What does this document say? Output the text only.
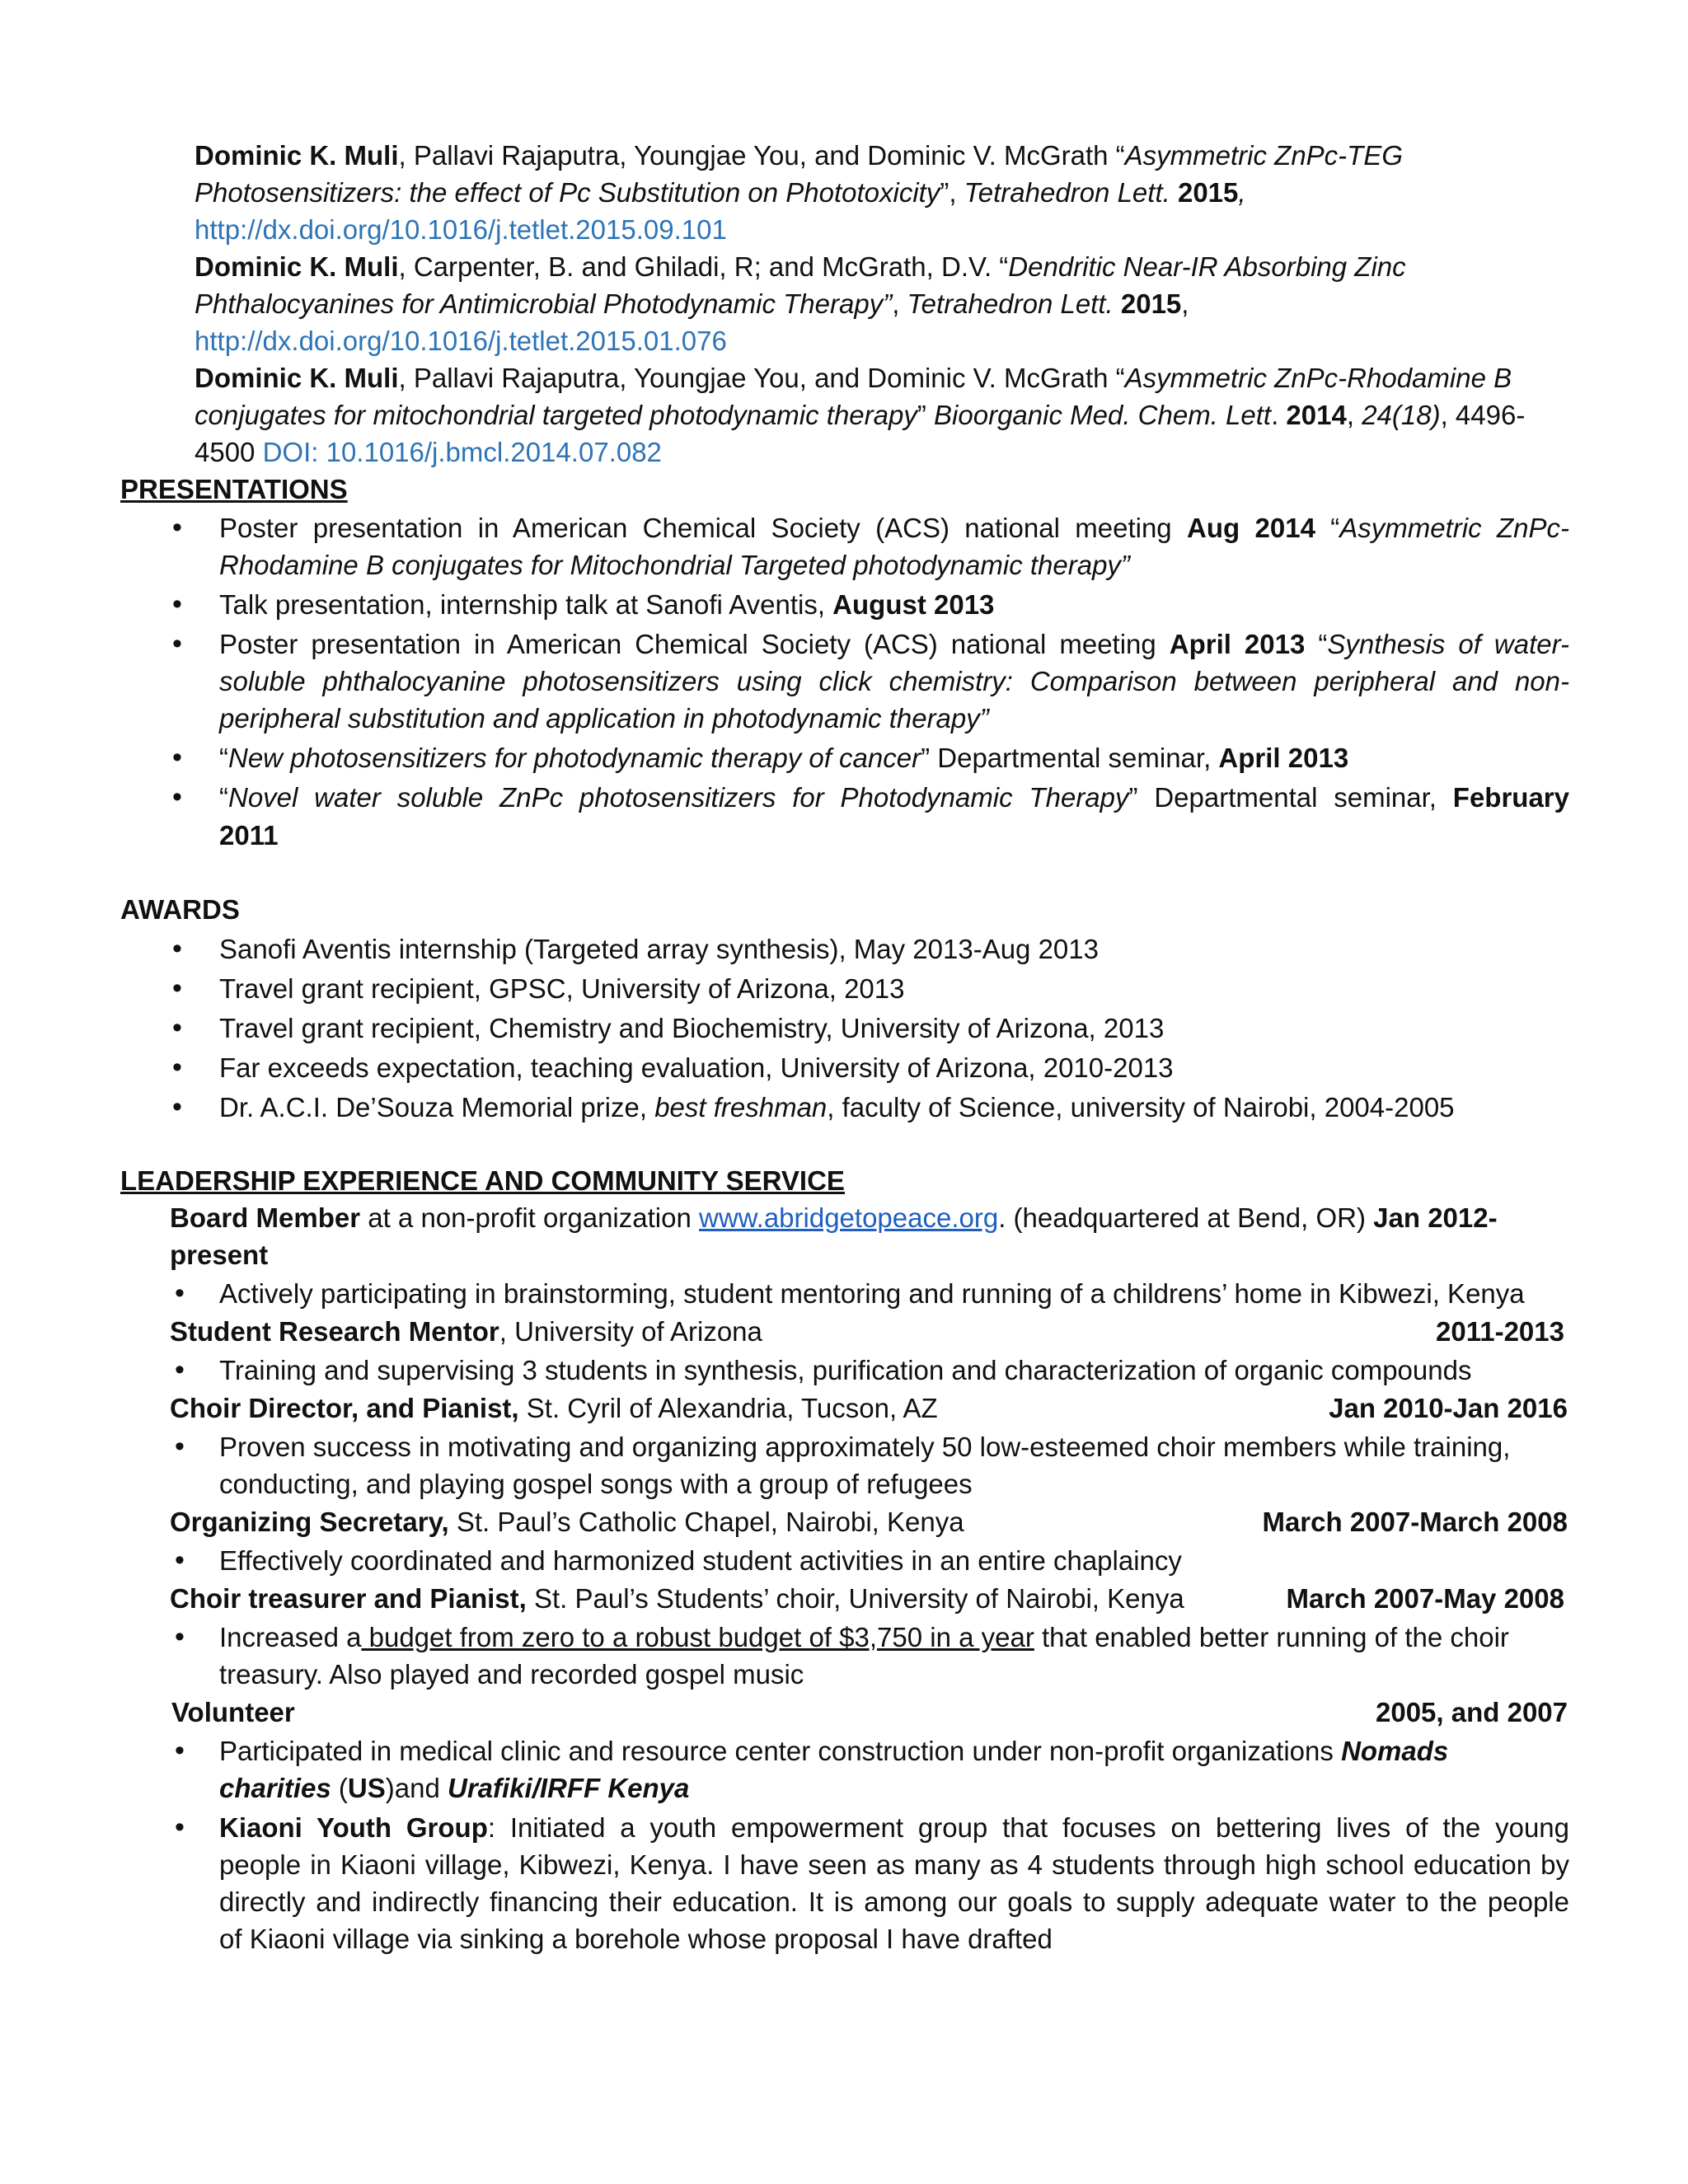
Dominic K. Muli, Pallavi Rajaputra, Youngjae You, and Dominic V. McGrath “Asymmetric ZnPc-TEG
Photosensitizers: the effect of Pc Substitution on Phototoxicity”, Tetrahedron Lett. 2015,
http://dx.doi.org/10.1016/j.tetlet.2015.09.101
Dominic K. Muli, Carpenter, B. and Ghiladi, R; and McGrath, D.V. “Dendritic Near-IR Absorbing Zinc
Phthalocyanines for Antimicrobial Photodynamic Therapy”, Tetrahedron Lett. 2015,
http://dx.doi.org/10.1016/j.tetlet.2015.01.076
Dominic K. Muli, Pallavi Rajaputra, Youngjae You, and Dominic V. McGrath “Asymmetric ZnPc-Rhodamine B
conjugates for mitochondrial targeted photodynamic therapy” Bioorganic Med. Chem. Lett. 2014, 24(18), 4496-
4500 DOI: 10.1016/j.bmcl.2014.07.082
PRESENTATIONS
•
Poster presentation in American Chemical Society (ACS) national meeting Aug 2014 “Asymmetric ZnPc-
Rhodamine B conjugates for Mitochondrial Targeted photodynamic therapy”
•
Talk presentation, internship talk at Sanofi Aventis, August 2013
•
Poster presentation in American Chemical Society (ACS) national meeting April 2013 “Synthesis of water-
soluble phthalocyanine photosensitizers using click chemistry: Comparison between peripheral and non-
peripheral substitution and application in photodynamic therapy”
•
“New photosensitizers for photodynamic therapy of cancer” Departmental seminar, April 2013
•
“Novel water soluble ZnPc photosensitizers for Photodynamic Therapy” Departmental seminar, February
2011
AWARDS
•
Sanofi Aventis internship (Targeted array synthesis), May 2013-Aug 2013
•
Travel grant recipient, GPSC, University of Arizona, 2013
•
Travel grant recipient, Chemistry and Biochemistry, University of Arizona, 2013
•
Far exceeds expectation, teaching evaluation, University of Arizona, 2010-2013
•
Dr. A.C.I. De’Souza Memorial prize, best freshman, faculty of Science, university of Nairobi, 2004-2005
LEADERSHIP EXPERIENCE AND COMMUNITY SERVICE
Board Member at a non-profit organization www.abridgetopeace.org. (headquartered at Bend, OR) Jan 2012-
present
•
Actively participating in brainstorming, student mentoring and running of a childrens’ home in Kibwezi, Kenya
Student Research Mentor, University of Arizona	2011-2013
•
Training and supervising 3 students in synthesis, purification and characterization of organic compounds
Choir Director, and Pianist, St. Cyril of Alexandria, Tucson, AZ	Jan 2010-Jan 2016
•
Proven success in motivating and organizing approximately 50 low-esteemed choir members while training,
conducting, and playing gospel songs with a group of refugees
Organizing Secretary, St. Paul’s Catholic Chapel, Nairobi, Kenya	March 2007-March 2008
•
Effectively coordinated and harmonized student activities in an entire chaplaincy
Choir treasurer and Pianist, St. Paul’s Students’ choir, University of Nairobi, Kenya	March 2007-May 2008
•
Increased a budget from zero to a robust budget of $3,750 in a year that enabled better running of the choir
treasury. Also played and recorded gospel music
Volunteer	2005, and 2007
•
Participated in medical clinic and resource center construction under non-profit organizations Nomads
charities (US)and Urafiki/IRFF Kenya
•
Kiaoni Youth Group: Initiated a youth empowerment group that focuses on bettering lives of the young
people in Kiaoni village, Kibwezi, Kenya. I have seen as many as 4 students through high school education by
directly and indirectly financing their education. It is among our goals to supply adequate water to the people
of Kiaoni village via sinking a borehole whose proposal I have drafted
